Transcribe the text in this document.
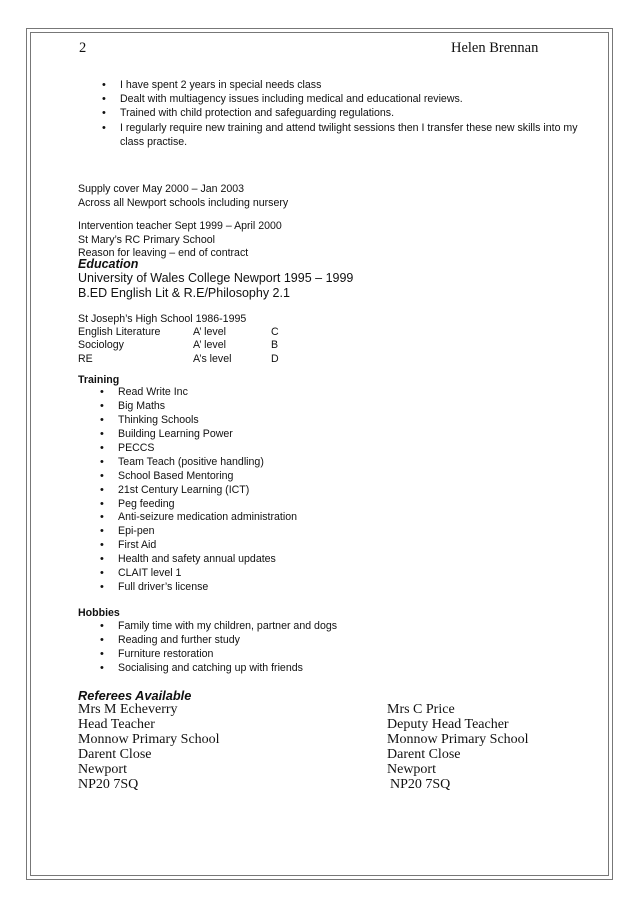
2	Helen Brennan
• I have spent 2 years in special needs class
• Dealt with multiagency issues including medical and educational reviews.
• Trained with child protection and safeguarding regulations.
• I regularly require new training and attend twilight sessions then I transfer these new skills into my class practise.
Supply cover May 2000 – Jan 2003
Across all Newport schools including nursery
Intervention teacher Sept 1999 – April 2000
St Mary’s RC Primary School
Reason for leaving – end of contract
Education
University of Wales College Newport 1995 – 1999
B.ED English Lit & R.E/Philosophy 2.1
St Joseph’s High School 1986-1995
English Literature	A’ level	C
Sociology	A’ level	B
RE	A’s level	D
Training
• Read Write Inc
• Big Maths
• Thinking Schools
• Building Learning Power
• PECCS
• Team Teach (positive handling)
• School Based Mentoring
• 21st Century Learning (ICT)
• Peg feeding
• Anti-seizure medication administration
• Epi-pen
• First Aid
• Health and safety annual updates
• CLAIT level 1
• Full driver’s license
Hobbies
• Family time with my children, partner and dogs
• Reading and further study
• Furniture restoration
• Socialising and catching up with friends
Referees Available
Mrs M Echeverry
Head Teacher
Monnow Primary School
Darent Close
Newport
NP20 7SQ
Mrs C Price
Deputy Head Teacher
Monnow Primary School
Darent Close
Newport
NP20 7SQ
